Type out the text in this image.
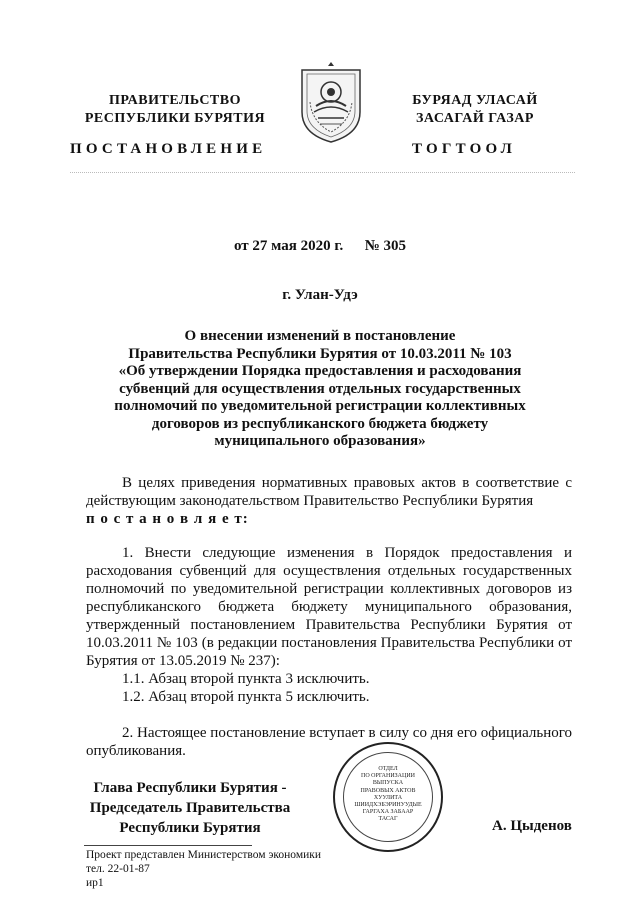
ПРАВИТЕЛЬСТВО
РЕСПУБЛИКИ БУРЯТИЯ
БУРЯАД УЛАСАЙ
ЗАСАГАЙ ГАЗАР
ПОСТАНОВЛЕНИЕ	ТОГТООЛ
от 27 мая 2020 г. № 305
г. Улан-Удэ
О внесении изменений в постановление
Правительства Республики Бурятия от 10.03.2011 № 103
«Об утверждении Порядка предоставления и расходования
субвенций для осуществления отдельных государственных
полномочий по уведомительной регистрации коллективных
договоров из республиканского бюджета бюджету
муниципального образования»

В целях приведения нормативных правовых актов в соответствие с действующим законодательством Правительство Республики Бурятия

п о с т а н о в л я е т:

1. Внести следующие изменения в Порядок предоставления и расходования субвенций для осуществления отдельных государственных полномочий по уведомительной регистрации коллективных договоров из республиканского бюджета бюджету муниципального образования, утвержденный постановлением Правительства Республики Бурятия от 10.03.2011 № 103 (в редакции постановления Правительства Республики от Бурятия от 13.05.2019 № 237):

1.1. Абзац второй пункта 3 исключить.

1.2. Абзац второй пункта 5 исключить.

2. Настоящее постановление вступает в силу со дня его официального опубликования.

Глава Республики Бурятия -
Председатель Правительства
Республики Бурятия
ОТДЕЛ
ПО ОРГАНИЗАЦИИ
ВЫПУСКА
ПРАВОВЫХ АКТОВ
ХУУЛИТА
ШИИДХЭБЭРИНУУДЫЕ
ГАРГАХА ЗАБААР
ТАСАГ	А. Цыденов
Проект представлен Министерством экономики
тел. 22-01-87
ир1
